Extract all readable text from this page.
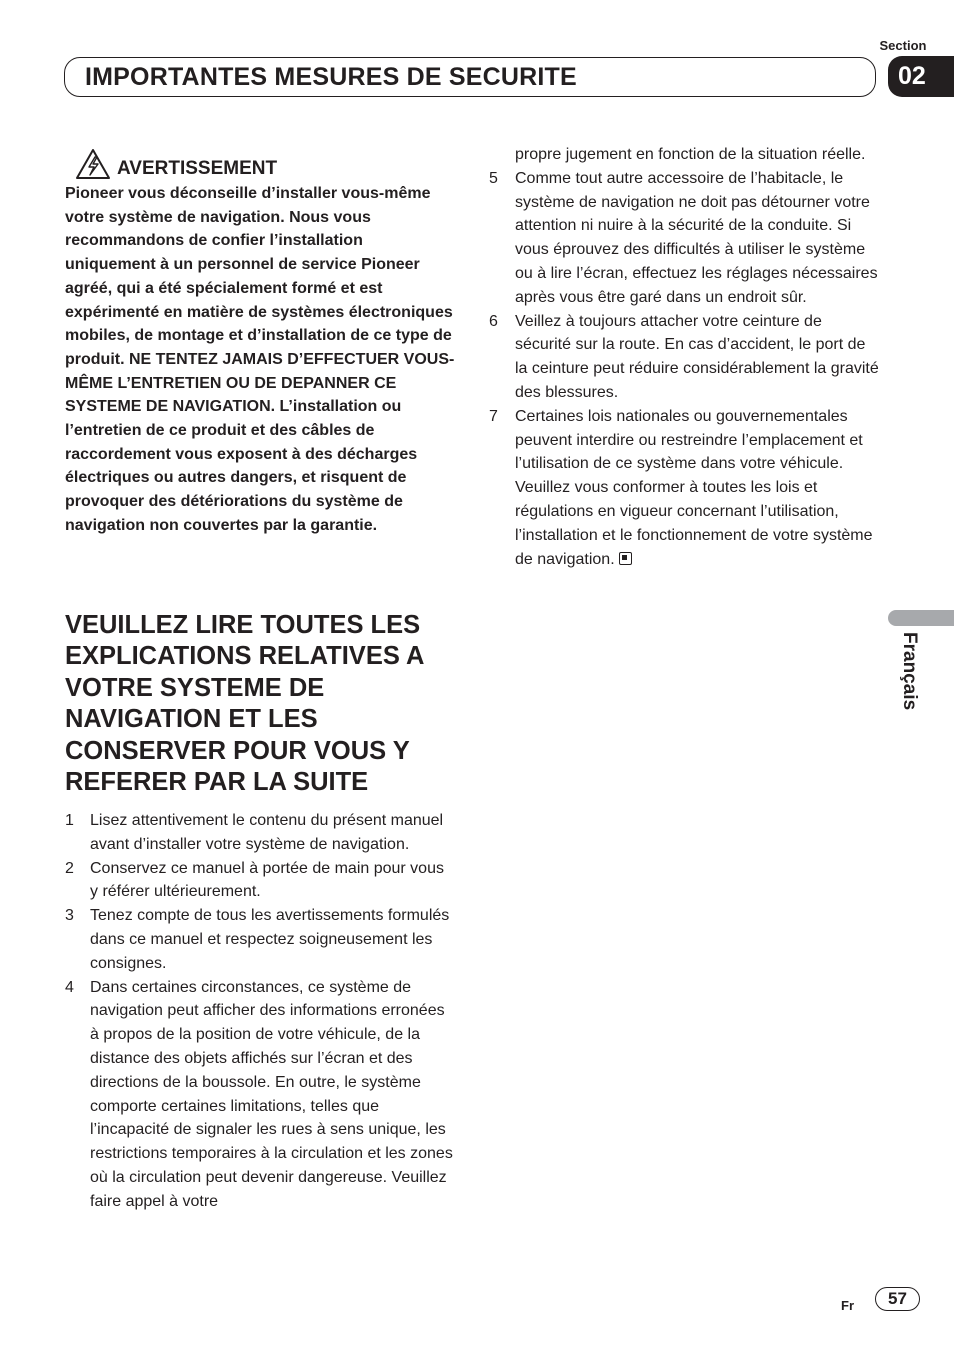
Section
02
IMPORTANTES MESURES DE SECURITE
AVERTISSEMENT
Pioneer vous déconseille d’installer vous-même votre système de navigation. Nous vous recommandons de confier l’installation uniquement à un personnel de service Pioneer agréé, qui a été spécialement formé et est expérimenté en matière de systèmes électroniques mobiles, de montage et d’installation de ce type de produit. NE TENTEZ JAMAIS D’EFFECTUER VOUS-MÊME L’ENTRETIEN OU DE DEPANNER CE SYSTEME DE NAVIGATION. L’installation ou l’entretien de ce produit et des câbles de raccordement vous exposent à des décharges électriques ou autres dangers, et risquent de provoquer des détériorations du système de navigation non couvertes par la garantie.
VEUILLEZ LIRE TOUTES LES EXPLICATIONS RELATIVES A VOTRE SYSTEME DE NAVIGATION ET LES CONSERVER POUR VOUS Y REFERER PAR LA SUITE
1 Lisez attentivement le contenu du présent manuel avant d’installer votre système de navigation.
2 Conservez ce manuel à portée de main pour vous y référer ultérieurement.
3 Tenez compte de tous les avertissements formulés dans ce manuel et respectez soigneusement les consignes.
4 Dans certaines circonstances, ce système de navigation peut afficher des informations erronées à propos de la position de votre véhicule, de la distance des objets affichés sur l’écran et des directions de la boussole. En outre, le système comporte certaines limitations, telles que l’incapacité de signaler les rues à sens unique, les restrictions temporaires à la circulation et les zones où la circulation peut devenir dangereuse. Veuillez faire appel à votre
propre jugement en fonction de la situation réelle.
5 Comme tout autre accessoire de l’habitacle, le système de navigation ne doit pas détourner votre attention ni nuire à la sécurité de la conduite. Si vous éprouvez des difficultés à utiliser le système ou à lire l’écran, effectuez les réglages nécessaires après vous être garé dans un endroit sûr.
6 Veillez à toujours attacher votre ceinture de sécurité sur la route. En cas d’accident, le port de la ceinture peut réduire considérablement la gravité des blessures.
7 Certaines lois nationales ou gouvernementales peuvent interdire ou restreindre l’emplacement et l’utilisation de ce système dans votre véhicule. Veuillez vous conformer à toutes les lois et régulations en vigueur concernant l’utilisation, l’installation et le fonctionnement de votre système de navigation.
Français
Fr	57
